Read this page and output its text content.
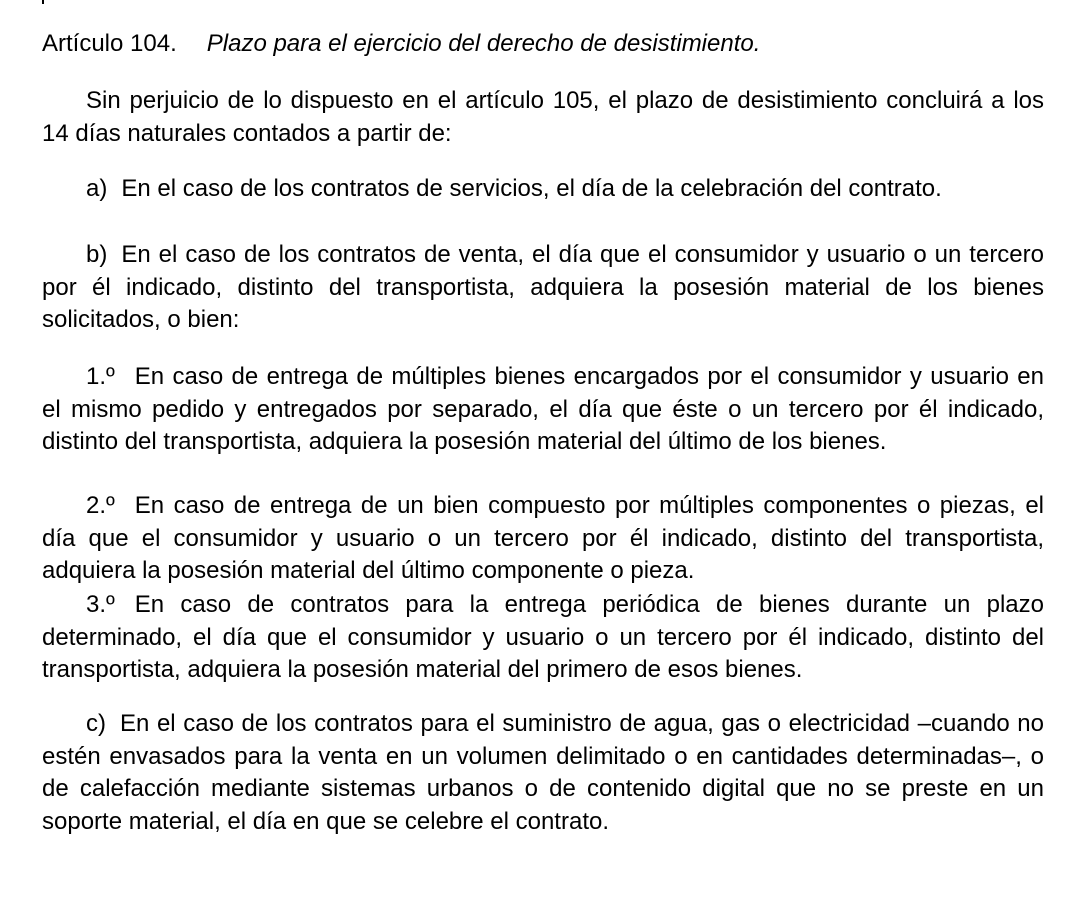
Artículo 104. Plazo para el ejercicio del derecho de desistimiento.

Sin perjuicio de lo dispuesto en el artículo 105, el plazo de desistimiento concluirá a los 14 días naturales contados a partir de:

a) En el caso de los contratos de servicios, el día de la celebración del contrato.

b) En el caso de los contratos de venta, el día que el consumidor y usuario o un tercero por él indicado, distinto del transportista, adquiera la posesión material de los bienes solicitados, o bien:

1.º En caso de entrega de múltiples bienes encargados por el consumidor y usuario en el mismo pedido y entregados por separado, el día que éste o un tercero por él indicado, distinto del transportista, adquiera la posesión material del último de los bienes.

2.º En caso de entrega de un bien compuesto por múltiples componentes o piezas, el día que el consumidor y usuario o un tercero por él indicado, distinto del transportista, adquiera la posesión material del último componente o pieza.

3.º En caso de contratos para la entrega periódica de bienes durante un plazo determinado, el día que el consumidor y usuario o un tercero por él indicado, distinto del transportista, adquiera la posesión material del primero de esos bienes.

c) En el caso de los contratos para el suministro de agua, gas o electricidad –cuando no estén envasados para la venta en un volumen delimitado o en cantidades determinadas–, o de calefacción mediante sistemas urbanos o de contenido digital que no se preste en un soporte material, el día en que se celebre el contrato.
